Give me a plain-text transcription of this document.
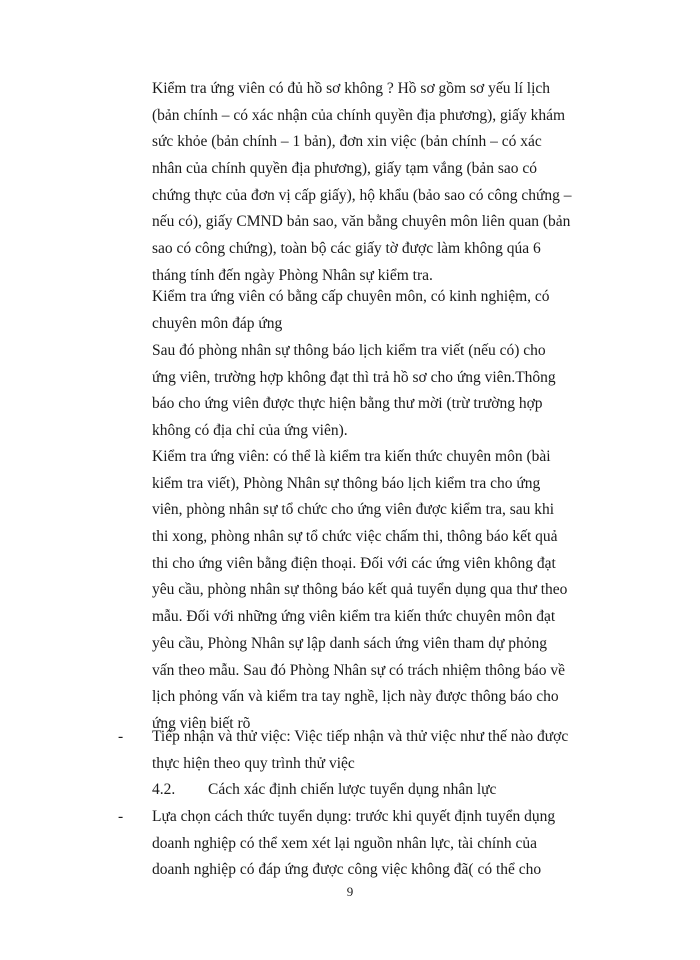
Kiểm tra ứng viên có đủ hồ sơ không ? Hồ sơ gồm sơ yếu lí lịch
(bản chính – có xác nhận của chính quyền địa phương), giấy khám
sức khỏe (bản chính – 1 bản), đơn xin việc (bản chính – có xác
nhân của chính quyền địa phương), giấy tạm vắng (bản sao có
chứng thực của đơn vị cấp giấy), hộ khẩu (bảo sao có công chứng –
nếu có), giấy CMND bản sao, văn bằng chuyên môn liên quan (bản
sao có công chứng), toàn bộ các giấy tờ được làm không qúa 6
tháng tính đến ngày Phòng Nhân sự kiểm tra.
Kiểm tra ứng viên có bằng cấp chuyên môn, có kinh nghiệm, có
chuyên môn đáp ứng
Sau đó phòng nhân sự thông báo lịch kiểm tra viết (nếu có) cho
ứng viên, trường hợp không đạt thì trả hồ sơ cho ứng viên.Thông
báo cho ứng viên được thực hiện bằng thư mời (trừ trường hợp
không có địa chỉ của ứng viên).
Kiểm tra ứng viên: có thể là kiểm tra kiến thức chuyên môn (bài
kiểm tra viết), Phòng Nhân sự thông báo lịch kiểm tra cho ứng
viên, phòng nhân sự tổ chức cho ứng viên được kiểm tra, sau khi
thi xong, phòng nhân sự tổ chức việc chấm thi, thông báo kết quả
thi cho ứng viên bằng điện thoại. Đối với các ứng viên không đạt
yêu cầu, phòng nhân sự thông báo kết quả tuyển dụng qua thư theo
mẫu. Đối với những ứng viên kiểm tra kiến thức chuyên môn đạt
yêu cầu, Phòng Nhân sự lập danh sách ứng viên tham dự phỏng
vấn theo mẫu. Sau đó Phòng Nhân sự có trách nhiệm thông báo về
lịch phỏng vấn và kiểm tra tay nghề, lịch này được thông báo cho
ứng viên biết rõ
- Tiếp nhận và thử việc: Việc tiếp nhận và thử việc như thế nào được
thực hiện theo quy trình thử việc
4.2. Cách xác định chiến lược tuyển dụng nhân lực
- Lựa chọn cách thức tuyển dụng: trước khi quyết định tuyển dụng
doanh nghiệp có thể xem xét lại nguồn nhân lực, tài chính của
doanh nghiệp có đáp ứng được công việc không đã( có thể cho
9
